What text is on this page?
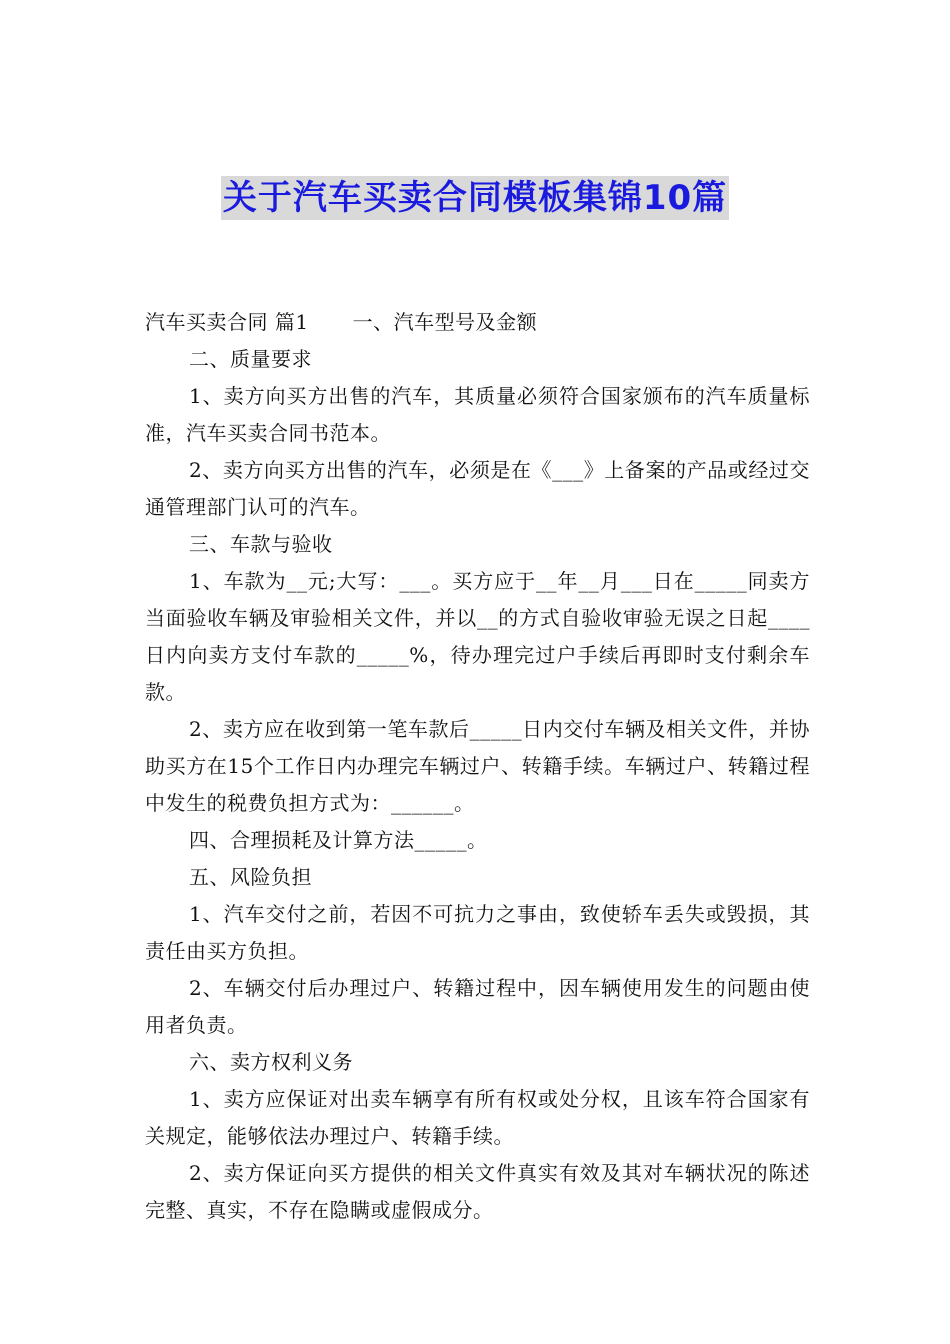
关于汽车买卖合同模板集锦10篇

汽车买卖合同 篇1 一、汽车型号及金额

二、质量要求

1、卖方向买方出售的汽车，其质量必须符合国家颁布的汽车质量标准，汽车买卖合同书范本。

2、卖方向买方出售的汽车，必须是在《___》上备案的产品或经过交通管理部门认可的汽车。

三、车款与验收

1、车款为__元;大写：___。买方应于__年__月___日在_____同卖方当面验收车辆及审验相关文件，并以__的方式自验收审验无误之日起____日内向卖方支付车款的_____%，待办理完过户手续后再即时支付剩余车款。

2、卖方应在收到第一笔车款后_____日内交付车辆及相关文件，并协助买方在15个工作日内办理完车辆过户、转籍手续。车辆过户、转籍过程中发生的税费负担方式为：______。

四、合理损耗及计算方法_____。

五、风险负担

1、汽车交付之前，若因不可抗力之事由，致使轿车丢失或毁损，其责任由买方负担。

2、车辆交付后办理过户、转籍过程中，因车辆使用发生的问题由使用者负责。

六、卖方权利义务

1、卖方应保证对出卖车辆享有所有权或处分权，且该车符合国家有关规定，能够依法办理过户、转籍手续。

2、卖方保证向买方提供的相关文件真实有效及其对车辆状况的陈述完整、真实，不存在隐瞒或虚假成分。
